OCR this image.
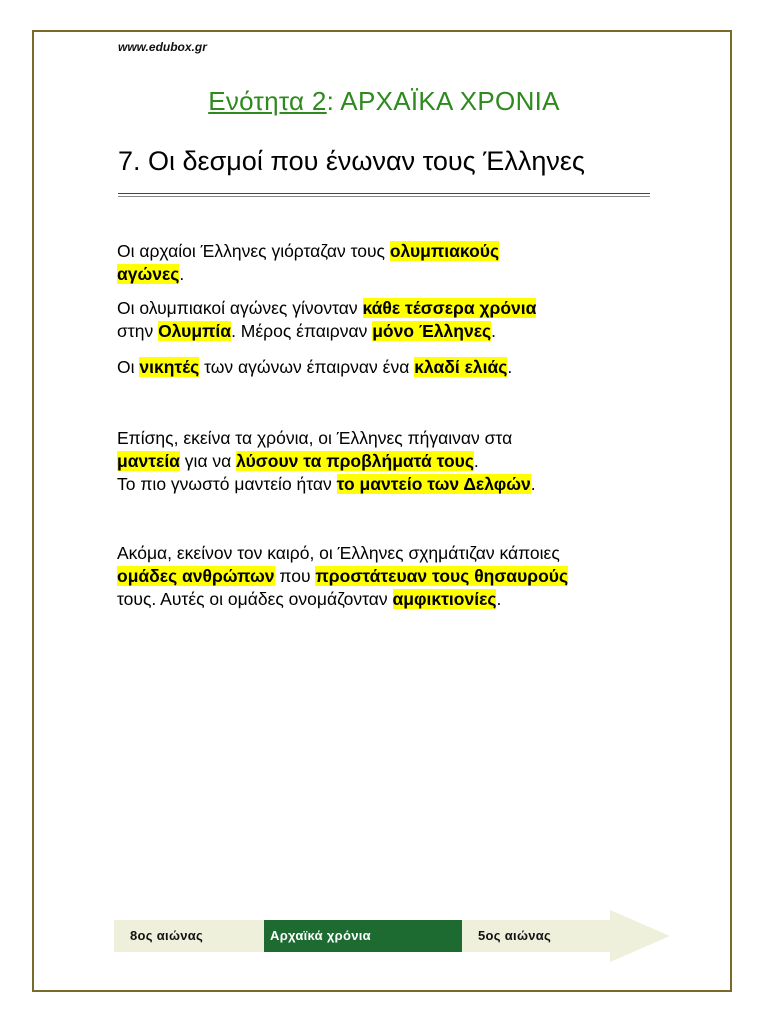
www.edubox.gr
Ενότητα 2: ΑΡΧΑΪΚΑ ΧΡΟΝΙΑ
7. Οι δεσμοί που ένωναν τους Έλληνες
Οι αρχαίοι Έλληνες γιόρταζαν τους ολυμπιακούς
αγώνες.
Οι ολυμπιακοί αγώνες γίνονταν κάθε τέσσερα χρόνια
στην Ολυμπία. Μέρος έπαιρναν μόνο Έλληνες.
Οι νικητές των αγώνων έπαιρναν ένα κλαδί ελιάς.
Επίσης, εκείνα τα χρόνια, οι Έλληνες πήγαιναν στα
μαντεία για να λύσουν τα προβλήματά τους.
Το πιο γνωστό μαντείο ήταν το μαντείο των Δελφών.
Ακόμα, εκείνον τον καιρό, οι Έλληνες σχημάτιζαν κάποιες
ομάδες ανθρώπων που προστάτευαν τους θησαυρούς
τους. Αυτές οι ομάδες ονομάζονταν αμφικτιονίες.
8ος αιώνας	Αρχαϊκά χρόνια	5ος αιώνας
